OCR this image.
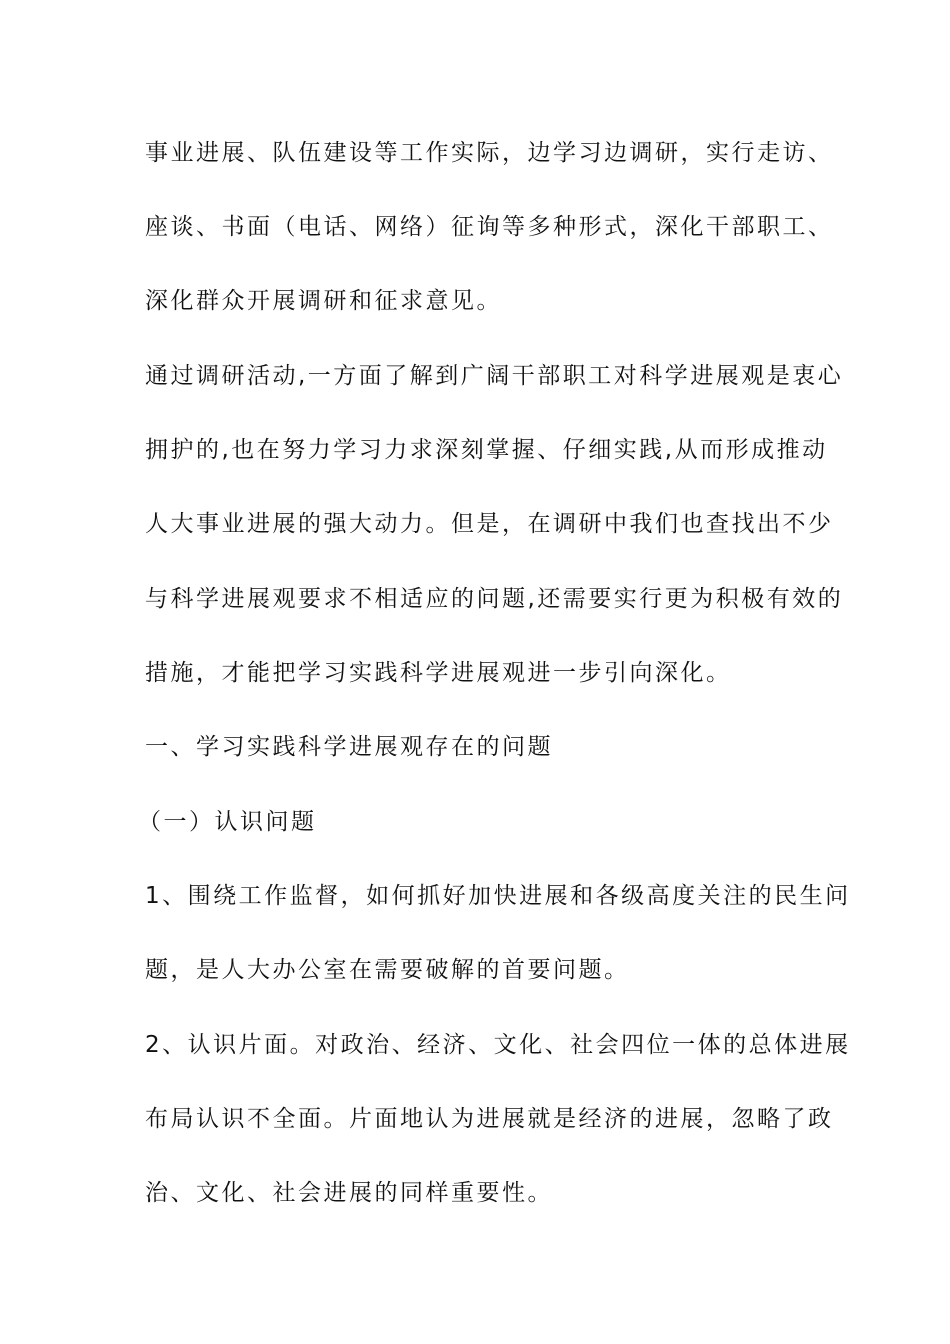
事业进展、队伍建设等工作实际，边学习边调研，实行走访、
座谈、书面（电话、网络）征询等多种形式，深化干部职工、
深化群众开展调研和征求意见。
通过调研活动,一方面了解到广阔干部职工对科学进展观是衷心
拥护的,也在努力学习力求深刻掌握、仔细实践,从而形成推动
人大事业进展的强大动力。但是，在调研中我们也查找出不少
与科学进展观要求不相适应的问题,还需要实行更为积极有效的
措施，才能把学习实践科学进展观进一步引向深化。
一、学习实践科学进展观存在的问题
（一）认识问题
1、围绕工作监督，如何抓好加快进展和各级高度关注的民生问
题，是人大办公室在需要破解的首要问题。
2、认识片面。对政治、经济、文化、社会四位一体的总体进展
布局认识不全面。片面地认为进展就是经济的进展，忽略了政
治、文化、社会进展的同样重要性。
